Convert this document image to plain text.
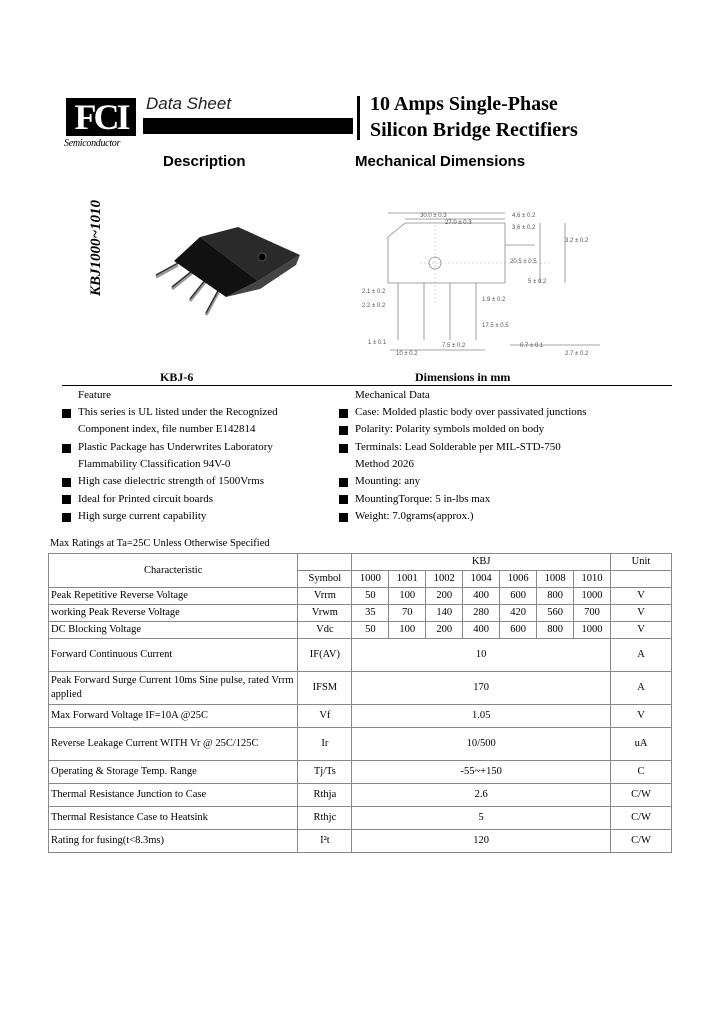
FCI
Semiconductor
Data Sheet	10 Amps Single-Phase
Silicon Bridge Rectifiers
Description	Mechanical Dimensions
KBJ1000~1010	30.0 ± 0.3
27.0 ± 0.3
4.6 ± 0.2
3.6 ± 0.2
3.2 ± 0.2
20.5 ± 0.5
5 ± 0.2
2.1 ± 0.2
2.2 ± 0.2
17.5 ± 0.5
1 ± 0.1
10 ± 0.2
7.5 ± 0.2	0.7 ± 0.1
2.7 ± 0.2
1.9 ± 0.2
KBJ-6	Dimensions in mm
Feature
This series is UL listed under the Recognized
Component index, file number E142814
Plastic Package has Underwrites Laboratory
Flammability Classification 94V-0
High case dielectric strength of 1500Vrms
Ideal for Printed circuit boards
High surge current capability
Mechanical Data
Case: Molded plastic body over passivated junctions
Polarity: Polarity symbols molded on body
Terminals: Lead Solderable per MIL-STD-750
Method 2026
Mounting: any
MountingTorque: 5 in-lbs max
Weight: 7.0grams(approx.)
Max Ratings at Ta=25C Unless Otherwise Specified
Characteristic		KBJ							Unit
	Symbol	1000	1001	1002	1004	1006	1008	1010	
Peak Repetitive Reverse Voltage	Vrrm	50	100	200	400	600	800	1000	V
working Peak Reverse Voltage	Vrwm	35	70	140	280	420	560	700	V
DC Blocking Voltage	Vdc	50	100	200	400	600	800	1000	V
Forward Continuous Current	IF(AV)	10							A
Peak Forward Surge Current 10ms Sine pulse, rated Vrrm applied	IFSM	170							A
Max Forward Voltage IF=10A @25C	Vf	1.05							V
Reverse Leakage Current WITH Vr @ 25C/125C	Ir	10/500							uA
Operating & Storage Temp. Range	Tj/Ts	-55~+150							C
Thermal Resistance Junction to Case	Rthja	2.6							C/W
Thermal Resistance Case to Heatsink	Rthjc	5							C/W
Rating for fusing(t<8.3ms)	I²t	120							C/W
